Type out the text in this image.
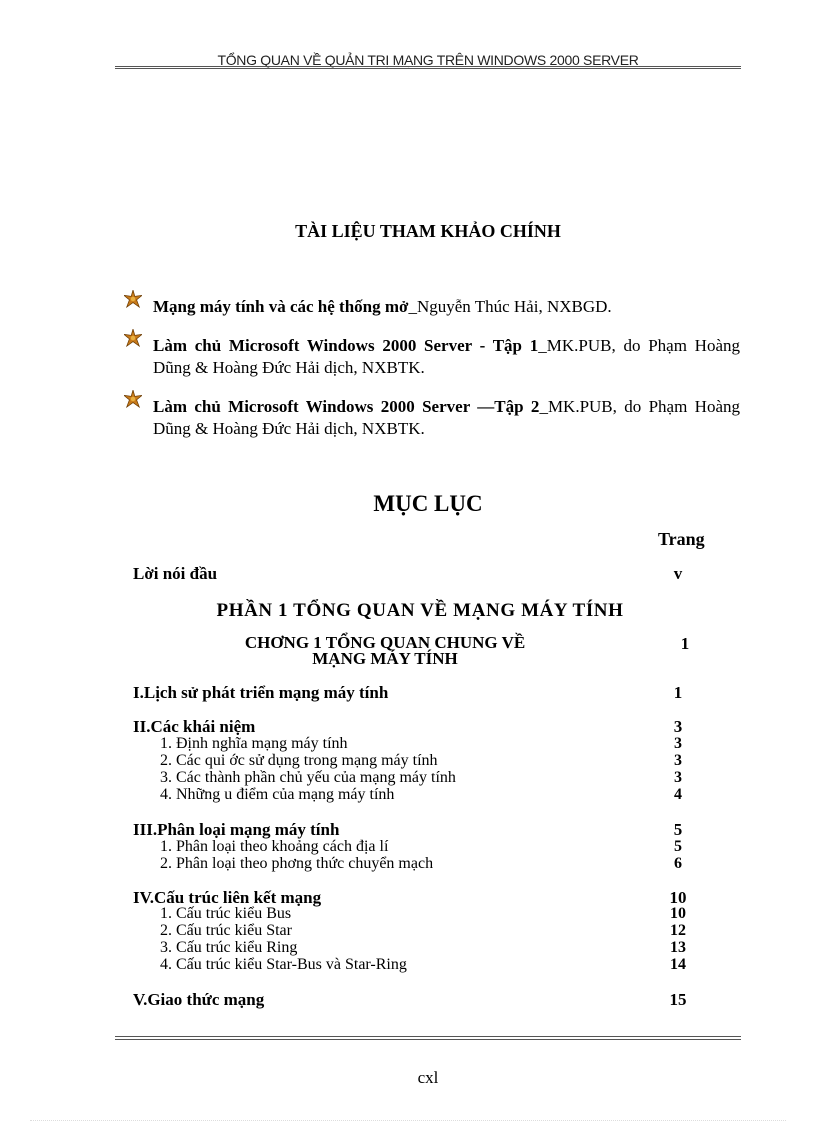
TỔNG QUAN VỀ QUẢN TRỊ MẠNG TRÊN WINDOWS 2000 SERVER
TÀI LIỆU THAM KHẢO CHÍNH
Mạng máy tính và các hệ thống mở_Nguyễn Thúc Hải, NXBGD.
Làm chủ Microsoft Windows 2000 Server - Tập 1_MK.PUB, do Phạm Hoàng Dũng & Hoàng Đức Hải dịch, NXBTK.
Làm chủ Microsoft Windows 2000 Server —Tập 2_MK.PUB, do Phạm Hoàng Dũng & Hoàng Đức Hải dịch, NXBTK.
MỤC LỤC
Trang
Lời nói đầu	v
PHẦN 1 TỔNG QUAN VỀ MẠNG MÁY TÍNH
CHƠNG 1 TỔNG QUAN CHUNG VỀ
MẠNG MÁY TÍNH
1
I.Lịch sử phát triển mạng máy tính	1
II.Các khái niệm	3
1. Định nghĩa mạng máy tính	3
2. Các qui ớc sử dụng trong mạng máy tính	3
3. Các thành phần chủ yếu của mạng máy tính	3
4. Những u điểm của mạng máy tính	4
III.Phân loại mạng máy tính	5
1. Phân loại theo khoảng cách địa lí	5
2. Phân loại theo phơng thức chuyển mạch	6
IV.Cấu trúc liên kết mạng	10
1. Cấu trúc kiểu Bus	10
2. Cấu trúc kiểu Star	12
3. Cấu trúc kiểu Ring	13
4. Cấu trúc kiểu Star-Bus và Star-Ring	14
V.Giao thức mạng	15
cxl
